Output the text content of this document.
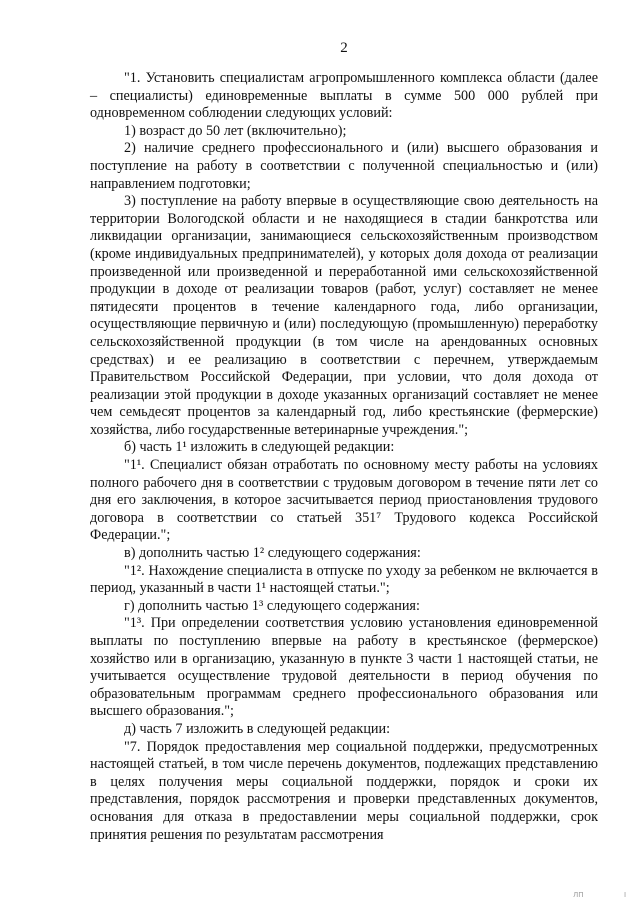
2

"1. Установить специалистам агропромышленного комплекса области (далее – специалисты) единовременные выплаты в сумме 500 000 рублей при одновременном соблюдении следующих условий:

1) возраст до 50 лет (включительно);

2) наличие среднего профессионального и (или) высшего образования и поступление на работу в соответствии с полученной специальностью и (или) направлением подготовки;

3) поступление на работу впервые в осуществляющие свою деятельность на территории Вологодской области и не находящиеся в стадии банкротства или ликвидации организации, занимающиеся сельскохозяйственным производством (кроме индивидуальных предпринимателей), у которых доля дохода от реализации произведенной или произведенной и переработанной ими сельскохозяйственной продукции в доходе от реализации товаров (работ, услуг) составляет не менее пятидесяти процентов в течение календарного года, либо организации, осуществляющие первичную и (или) последующую (промышленную) переработку сельскохозяйственной продукции (в том числе на арендованных основных средствах) и ее реализацию в соответствии с перечнем, утверждаемым Правительством Российской Федерации, при условии, что доля дохода от реализации этой продукции в доходе указанных организаций составляет не менее чем семьдесят процентов за календарный год, либо крестьянские (фермерские) хозяйства, либо государственные ветеринарные учреждения.";

б) часть 1¹ изложить в следующей редакции:

"1¹. Специалист обязан отработать по основному месту работы на условиях полного рабочего дня в соответствии с трудовым договором в течение пяти лет со дня его заключения, в которое засчитывается период приостановления трудового договора в соответствии со статьей 351⁷ Трудового кодекса Российской Федерации.";

в) дополнить частью 1² следующего содержания:

"1². Нахождение специалиста в отпуске по уходу за ребенком не включается в период, указанный в части 1¹ настоящей статьи.";

г) дополнить частью 1³ следующего содержания:

"1³. При определении соответствия условию установления единовременной выплаты по поступлению впервые на работу в крестьянское (фермерское) хозяйство или в организацию, указанную в пункте 3 части 1 настоящей статьи, не учитывается осуществление трудовой деятельности в период обучения по образовательным программам среднего профессионального образования или высшего образования.";

д) часть 7 изложить в следующей редакции:

"7. Порядок предоставления мер социальной поддержки, предусмотренных настоящей статьей, в том числе перечень документов, подлежащих представлению в целях получения меры социальной поддержки, порядок и сроки их представления, порядок рассмотрения и проверки представленных документов, основания для отказа в предоставлении меры социальной поддержки, срок принятия решения по результатам рассмотрения

ЛП	I
